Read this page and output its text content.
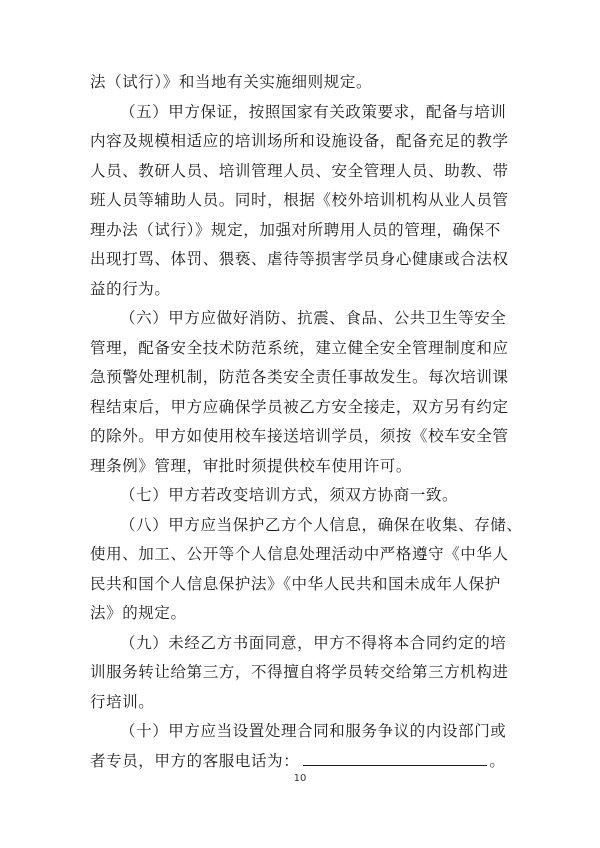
法（试行）》和当地有关实施细则规定。
（五）甲方保证，按照国家有关政策要求，配备与培训
内容及规模相适应的培训场所和设施设备，配备充足的教学
人员、教研人员、培训管理人员、安全管理人员、助教、带
班人员等辅助人员。同时，根据《校外培训机构从业人员管
理办法（试行）》规定，加强对所聘用人员的管理，确保不
出现打骂、体罚、猥亵、虐待等损害学员身心健康或合法权
益的行为。
（六）甲方应做好消防、抗震、食品、公共卫生等安全
管理，配备安全技术防范系统，建立健全安全管理制度和应
急预警处理机制，防范各类安全责任事故发生。每次培训课
程结束后，甲方应确保学员被乙方安全接走，双方另有约定
的除外。甲方如使用校车接送培训学员，须按《校车安全管
理条例》管理，审批时须提供校车使用许可。
（七）甲方若改变培训方式，须双方协商一致。
（八）甲方应当保护乙方个人信息，确保在收集、存储、
使用、加工、公开等个人信息处理活动中严格遵守《中华人
民共和国个人信息保护法》《中华人民共和国未成年人保护
法》的规定。
（九）未经乙方书面同意，甲方不得将本合同约定的培
训服务转让给第三方，不得擅自将学员转交给第三方机构进
行培训。
（十）甲方应当设置处理合同和服务争议的内设部门或
者专员，甲方的客服电话为：	。
10
